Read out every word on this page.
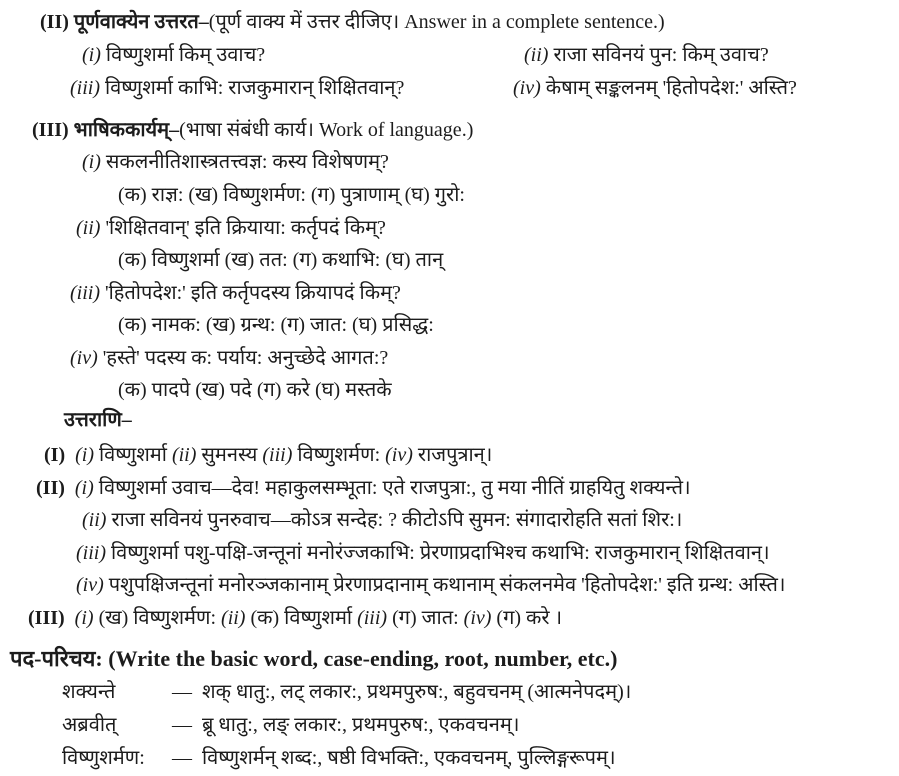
(II) पूर्णवाक्येन उत्तरत–(पूर्ण वाक्य में उत्तर दीजिए। Answer in a complete sentence.)
(i) विष्णुशर्मा किम् उवाच?	(ii) राजा सविनयं पुन: किम् उवाच?
(iii) विष्णुशर्मा काभि: राजकुमारान् शिक्षितवान्?	(iv) केषाम् सङ्कलनम् 'हितोपदेश:' अस्ति?
(III) भाषिककार्यम्–(भाषा संबंधी कार्य। Work of language.)
(i) सकलनीतिशास्त्रतत्त्वज्ञ: कस्य विशेषणम्?
(क) राज्ञ: (ख) विष्णुशर्मण: (ग) पुत्राणाम् (घ) गुरो:
(ii) 'शिक्षितवान्' इति क्रियाया: कर्तृपदं किम्?
(क) विष्णुशर्मा (ख) तत: (ग) कथाभि: (घ) तान्
(iii) 'हितोपदेश:' इति कर्तृपदस्य क्रियापदं किम्?
(क) नामक: (ख) ग्रन्थ: (ग) जात: (घ) प्रसिद्ध:
(iv) 'हस्ते' पदस्य क: पर्याय: अनुच्छेदे आगत:?
(क) पादपे (ख) पदे (ग) करे (घ) मस्तके
उत्तराणि–
(I) (i) विष्णुशर्मा (ii) सुमनस्य (iii) विष्णुशर्मण: (iv) राजपुत्रान्।
(II) (i) विष्णुशर्मा उवाच—देव! महाकुलसम्भूता: एते राजपुत्रा:, तु मया नीतिं ग्राहयितु शक्यन्ते।
(ii) राजा सविनयं पुनरुवाच—कोऽत्र सन्देह: ? कीटोऽपि सुमन: संगादारोहति सतां शिर:।
(iii) विष्णुशर्मा पशु-पक्षि-जन्तूनां मनोरंज्जकाभि: प्रेरणाप्रदाभिश्च कथाभि: राजकुमारान् शिक्षितवान्।
(iv) पशुपक्षिजन्तूनां मनोरञ्जकानाम् प्रेरणाप्रदानाम् कथानाम् संकलनमेव 'हितोपदेश:' इति ग्रन्थ: अस्ति।
(III) (i) (ख) विष्णुशर्मण: (ii) (क) विष्णुशर्मा (iii) (ग) जात: (iv) (ग) करे ।
पद-परिचय: (Write the basic word, case-ending, root, number, etc.)
शक्यन्ते	— शक् धातु:, लट् लकार:, प्रथमपुरुष:, बहुवचनम् (आत्मनेपदम्)।
अब्रवीत्	— ब्रू धातु:, लङ् लकार:, प्रथमपुरुष:, एकवचनम्।
विष्णुशर्मण: — विष्णुशर्मन् शब्द:, षष्ठी विभक्ति:, एकवचनम्, पुल्लिङ्गरूपम्।
